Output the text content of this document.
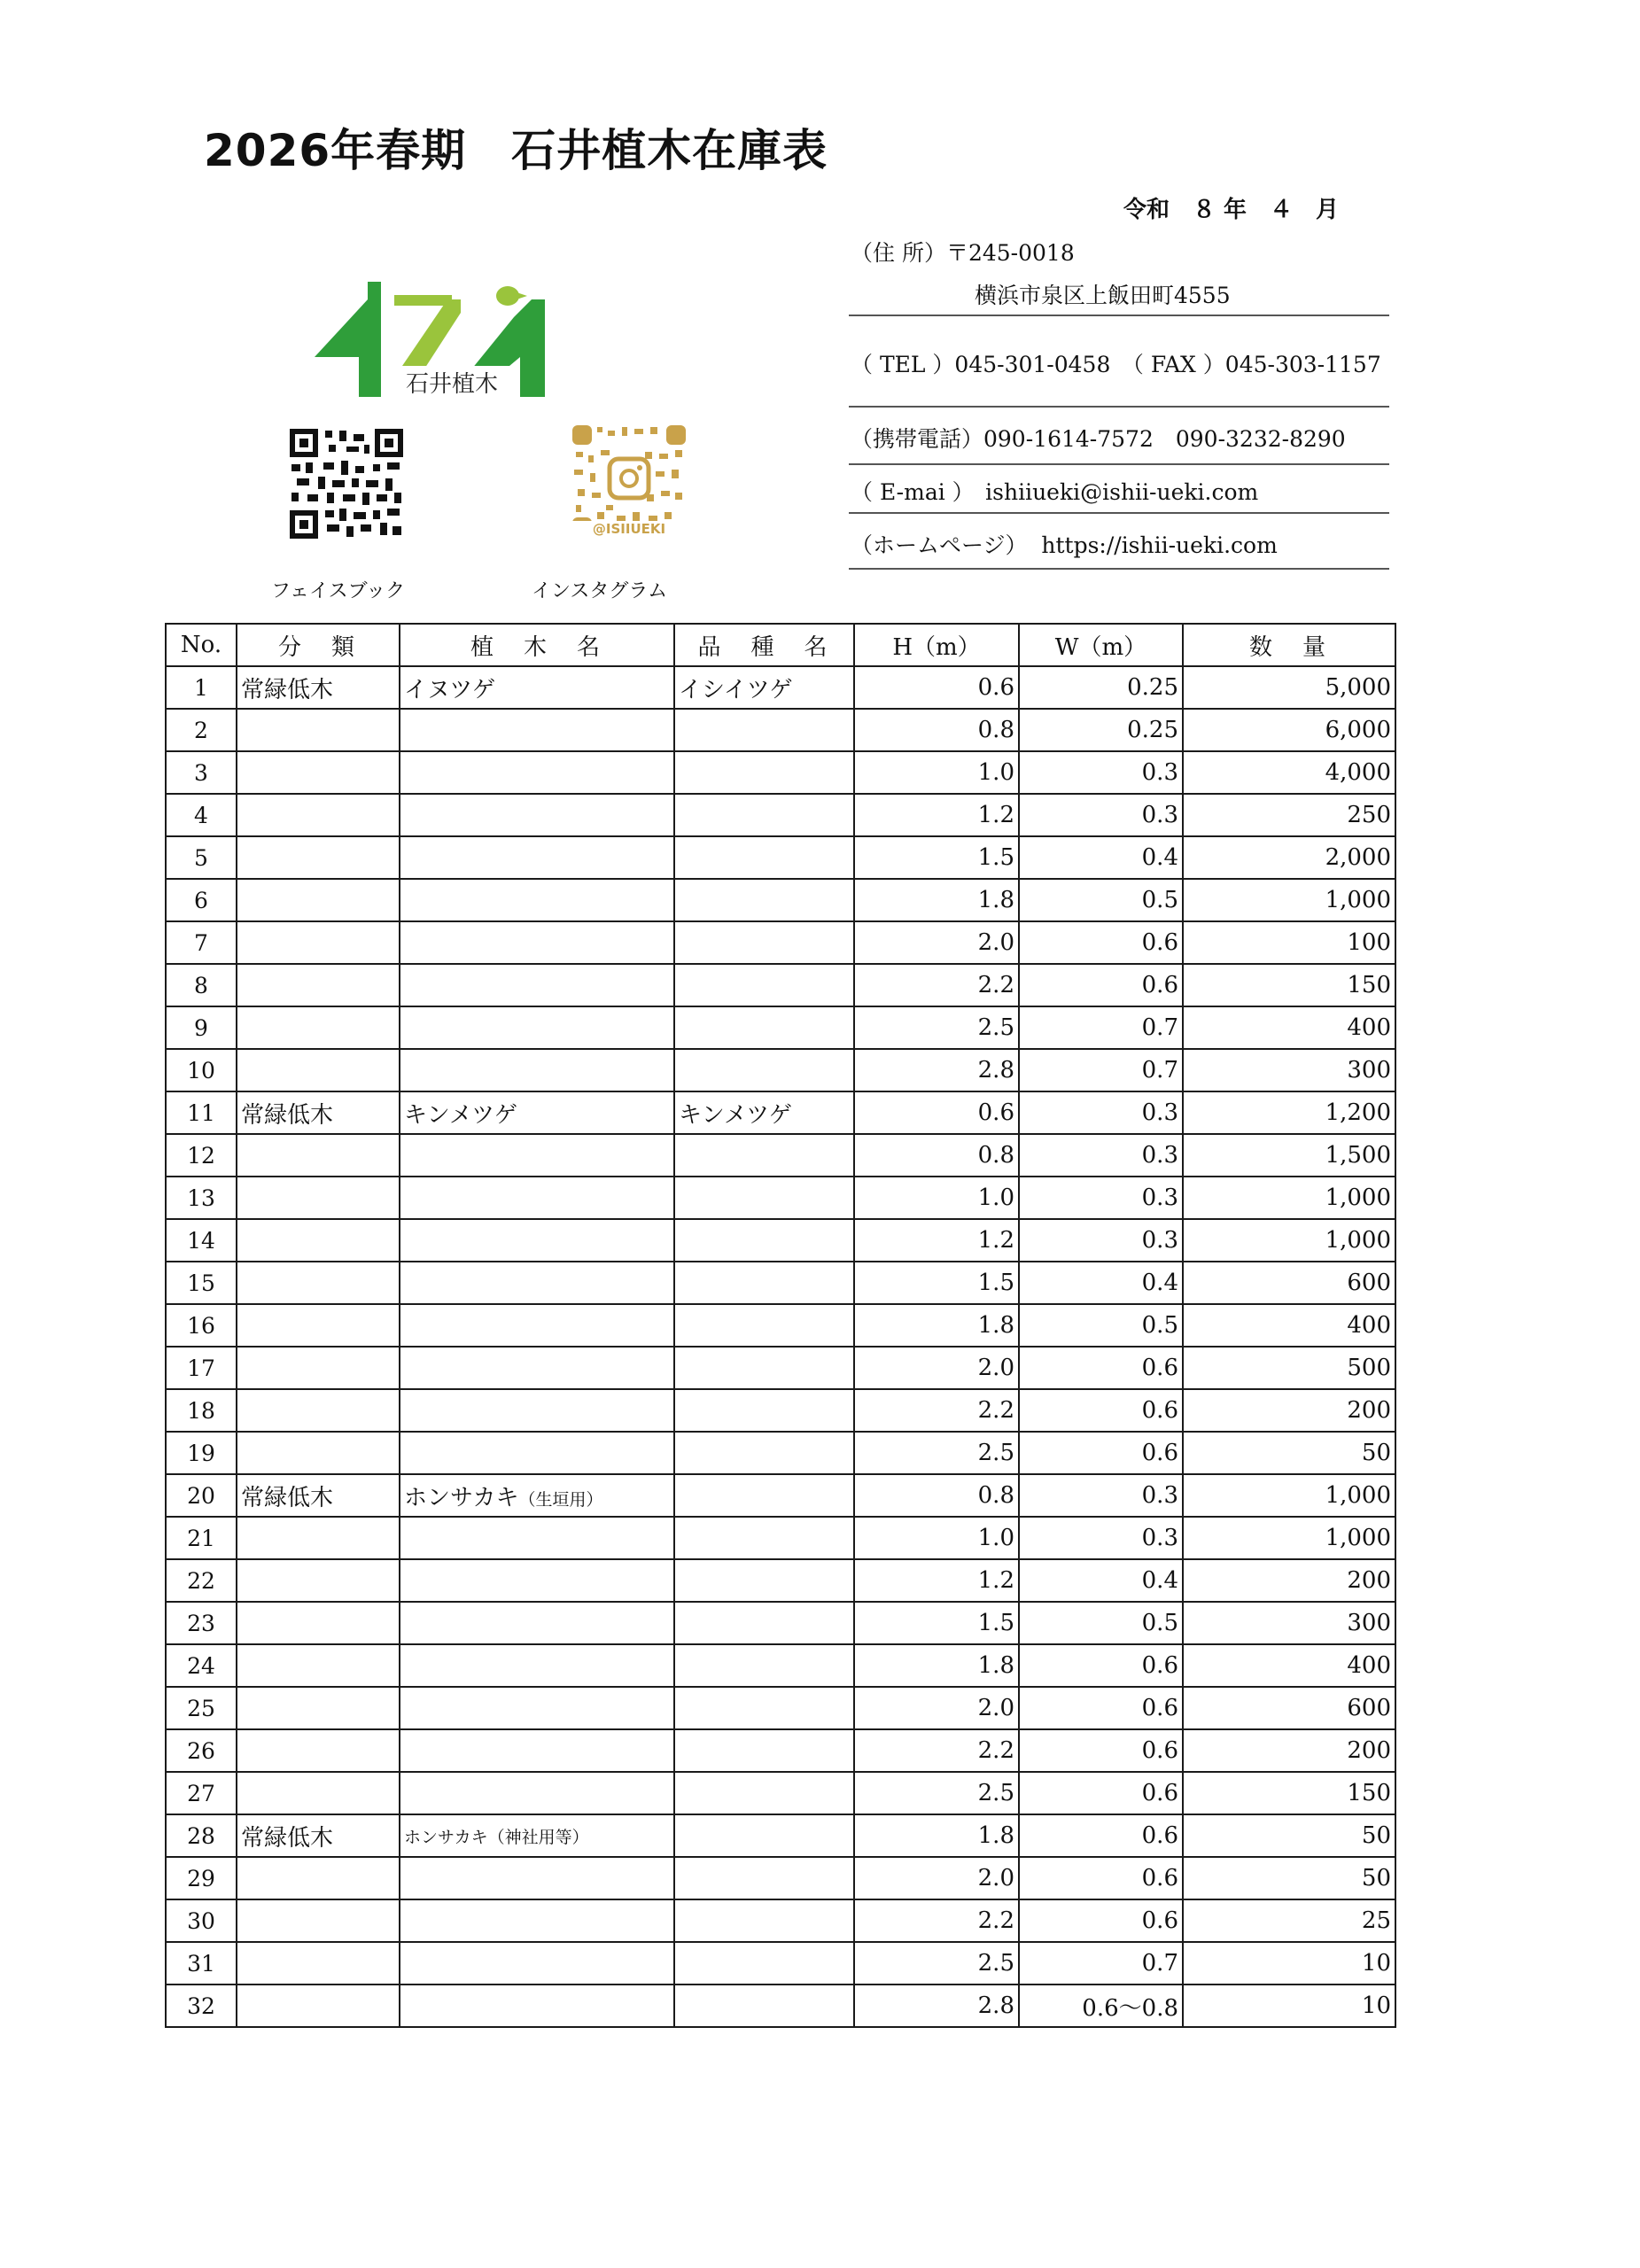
2026年春期　石井植木在庫表
令和　８ 年　４　月
石井植木
@ISIIUEKI
フェイスブック	インスタグラム
（住 所）〒245-0018
横浜市泉区上飯田町4555
（ TEL ）045-301-0458　（ FAX ）045-303-1157
（携帯電話）090-1614-7572　090-3232-8290
（ E-mai ）　ishiiueki@ishii-ueki.com
（ホームページ）  https://ishii-ueki.com
No.	分　類	植　木　名	品　種　名	H（m）	W（m）	数　量
1	常緑低木	イヌツゲ	イシイツゲ	0.6	0.25	5,000
2				0.8	0.25	6,000
3				1.0	0.3	4,000
4				1.2	0.3	250
5				1.5	0.4	2,000
6				1.8	0.5	1,000
7				2.0	0.6	100
8				2.2	0.6	150
9				2.5	0.7	400
10				2.8	0.7	300
11	常緑低木	キンメツゲ	キンメツゲ	0.6	0.3	1,200
12				0.8	0.3	1,500
13				1.0	0.3	1,000
14				1.2	0.3	1,000
15				1.5	0.4	600
16				1.8	0.5	400
17				2.0	0.6	500
18				2.2	0.6	200
19				2.5	0.6	50
20	常緑低木	ホンサカキ（生垣用）		0.8	0.3	1,000
21				1.0	0.3	1,000
22				1.2	0.4	200
23				1.5	0.5	300
24				1.8	0.6	400
25				2.0	0.6	600
26				2.2	0.6	200
27				2.5	0.6	150
28	常緑低木	ホンサカキ（神社用等）		1.8	0.6	50
29				2.0	0.6	50
30				2.2	0.6	25
31				2.5	0.7	10
32				2.8	0.6〜0.8	10
